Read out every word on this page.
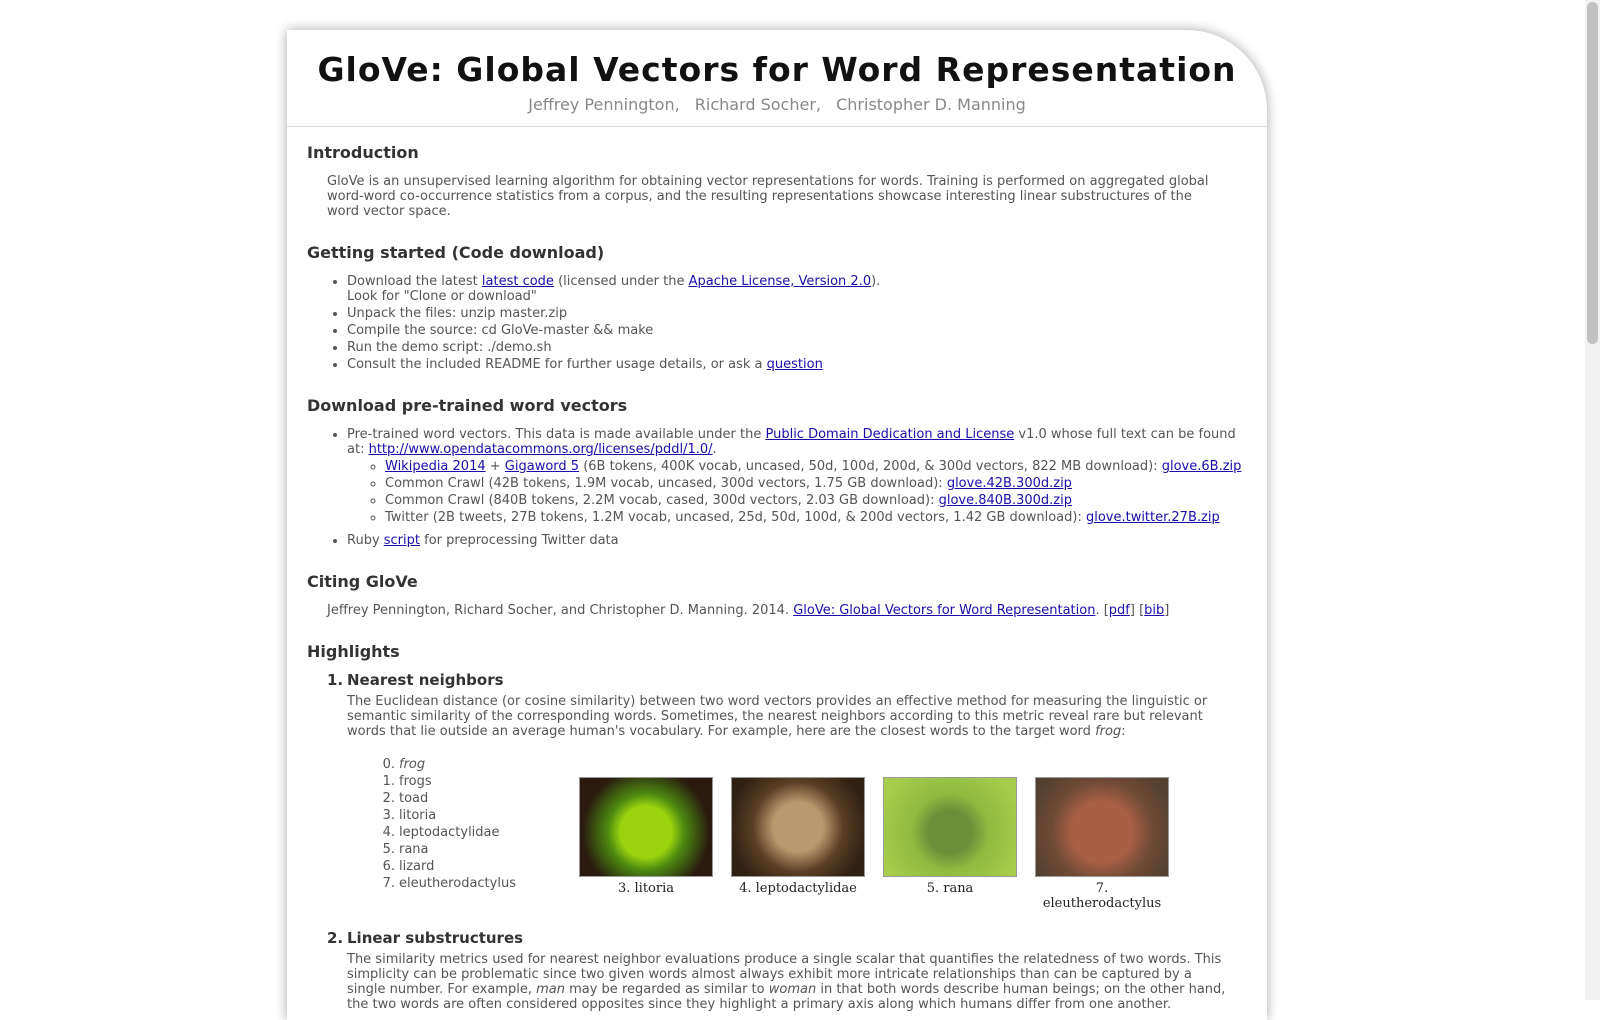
GloVe: Global Vectors for Word Representation
Jeffrey Pennington, Richard Socher, Christopher D. Manning
Introduction

GloVe is an unsupervised learning algorithm for obtaining vector representations for words. Training is performed on aggregated global word-word co-occurrence statistics from a corpus, and the resulting representations showcase interesting linear substructures of the word vector space.

Getting started (Code download)
• Download the latest latest code (licensed under the Apache License, Version 2.0).
Look for "Clone or download"
• Unpack the files: unzip master.zip
• Compile the source: cd GloVe-master && make
• Run the demo script: ./demo.sh
• Consult the included README for further usage details, or ask a question
Download pre-trained word vectors
• Pre-trained word vectors. This data is made available under the Public Domain Dedication and License v1.0 whose full text can be found at: http://www.opendatacommons.org/licenses/pddl/1.0/.
◦ Wikipedia 2014 + Gigaword 5 (6B tokens, 400K vocab, uncased, 50d, 100d, 200d, & 300d vectors, 822 MB download): glove.6B.zip
◦ Common Crawl (42B tokens, 1.9M vocab, uncased, 300d vectors, 1.75 GB download): glove.42B.300d.zip
◦ Common Crawl (840B tokens, 2.2M vocab, cased, 300d vectors, 2.03 GB download): glove.840B.300d.zip
◦ Twitter (2B tweets, 27B tokens, 1.2M vocab, uncased, 25d, 50d, 100d, & 200d vectors, 1.42 GB download): glove.twitter.27B.zip
• Ruby script for preprocessing Twitter data
Citing GloVe

Jeffrey Pennington, Richard Socher, and Christopher D. Manning. 2014. GloVe: Global Vectors for Word Representation. [pdf] [bib]

Highlights
1. Nearest neighbors
The Euclidean distance (or cosine similarity) between two word vectors provides an effective method for measuring the linguistic or semantic similarity of the corresponding words. Sometimes, the nearest neighbors according to this metric reveal rare but relevant words that lie outside an average human's vocabulary. For example, here are the closest words to the target word frog:
0. frog
1. frogs
2. toad
3. litoria
4. leptodactylidae
5. rana
6. lizard
7. eleutherodactylus	3. litoria	4. leptodactylidae	5. rana	7. eleutherodactylus
2. Linear substructures
The similarity metrics used for nearest neighbor evaluations produce a single scalar that quantifies the relatedness of two words. This simplicity can be problematic since two given words almost always exhibit more intricate relationships than can be captured by a single number. For example, man may be regarded as similar to woman in that both words describe human beings; on the other hand, the two words are often considered opposites since they highlight a primary axis along which humans differ from one another.
